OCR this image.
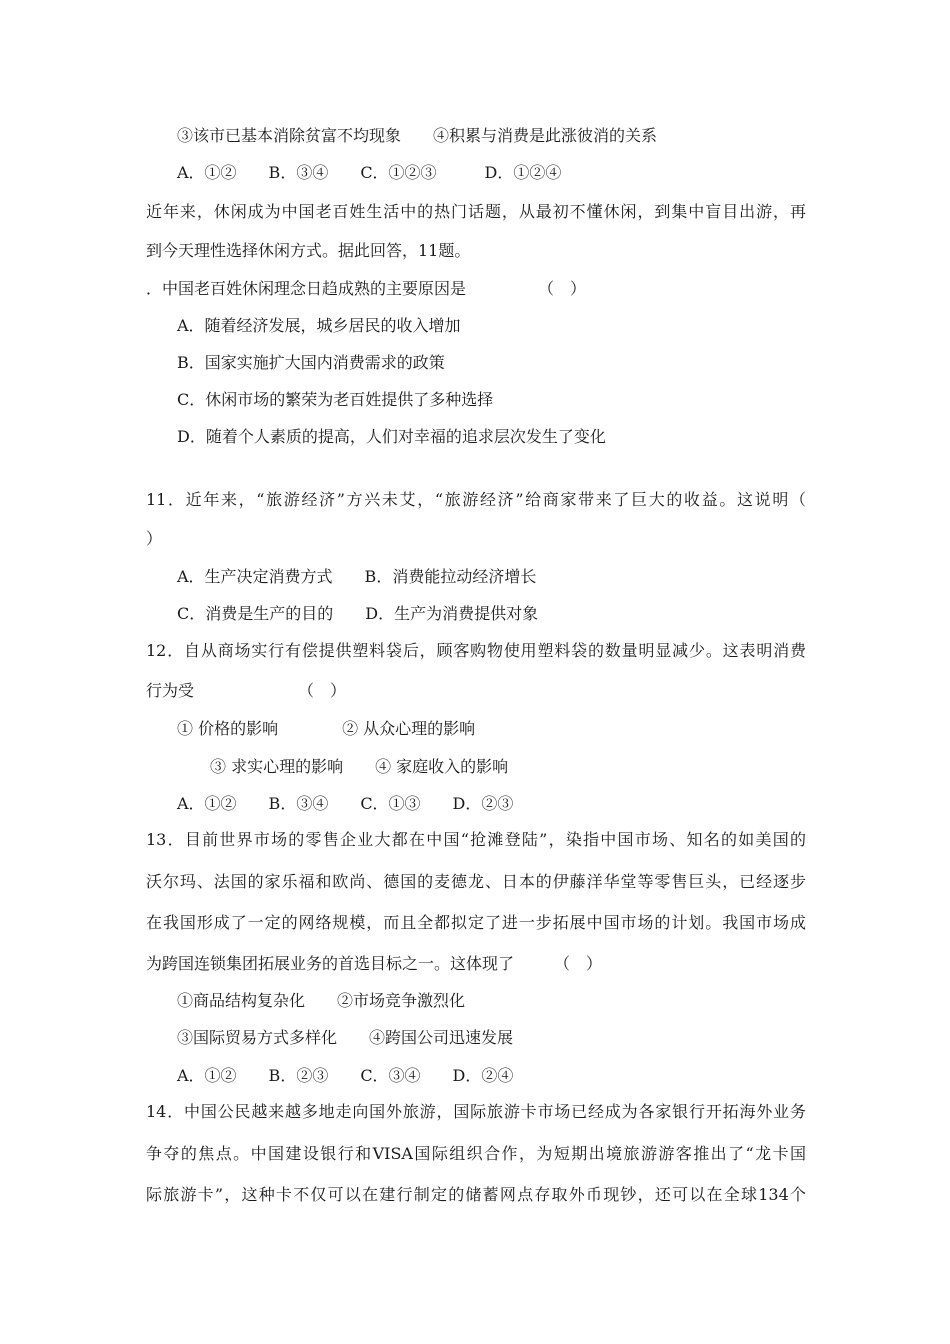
③该市已基本消除贫富不均现象　　④积累与消费是此涨彼消的关系
A．①②　　B．③④　　C．①②③　　　D．①②④
近年来，休闲成为中国老百姓生活中的热门话题，从最初不懂休闲，到集中盲目出游，再
到今天理性选择休闲方式。据此回答，11题。
．中国老百姓休闲理念日趋成熟的主要原因是　　　　　（　）
A．随着经济发展，城乡居民的收入增加
B．国家实施扩大国内消费需求的政策
C．休闲市场的繁荣为老百姓提供了多种选择
D．随着个人素质的提高，人们对幸福的追求层次发生了变化
11．近年来，“旅游经济”方兴未艾，“旅游经济”给商家带来了巨大的收益。这说明（
）
A．生产决定消费方式　　B．消费能拉动经济增长
C．消费是生产的目的　　D．生产为消费提供对象
12．自从商场实行有偿提供塑料袋后，顾客购物使用塑料袋的数量明显减少。这表明消费
行为受　　　　　　　（　）
① 价格的影响　　　　② 从众心理的影响
③ 求实心理的影响　　④ 家庭收入的影响
A．①②　　B．③④　　C．①③　　D．②③
13．目前世界市场的零售企业大都在中国“抢滩登陆”，染指中国市场、知名的如美国的
沃尔玛、法国的家乐福和欧尚、德国的麦德龙、日本的伊藤洋华堂等零售巨头，已经逐步
在我国形成了一定的网络规模，而且全都拟定了进一步拓展中国市场的计划。我国市场成
为跨国连锁集团拓展业务的首选目标之一。这体现了　　　（　）
①商品结构复杂化　　②市场竞争激烈化
③国际贸易方式多样化　　④跨国公司迅速发展
A．①②　　B．②③　　C．③④　　D．②④
14．中国公民越来越多地走向国外旅游，国际旅游卡市场已经成为各家银行开拓海外业务
争夺的焦点。中国建设银行和VISA国际组织合作，为短期出境旅游游客推出了“龙卡国
际旅游卡”，这种卡不仅可以在建行制定的储蓄网点存取外币现钞，还可以在全球134个
